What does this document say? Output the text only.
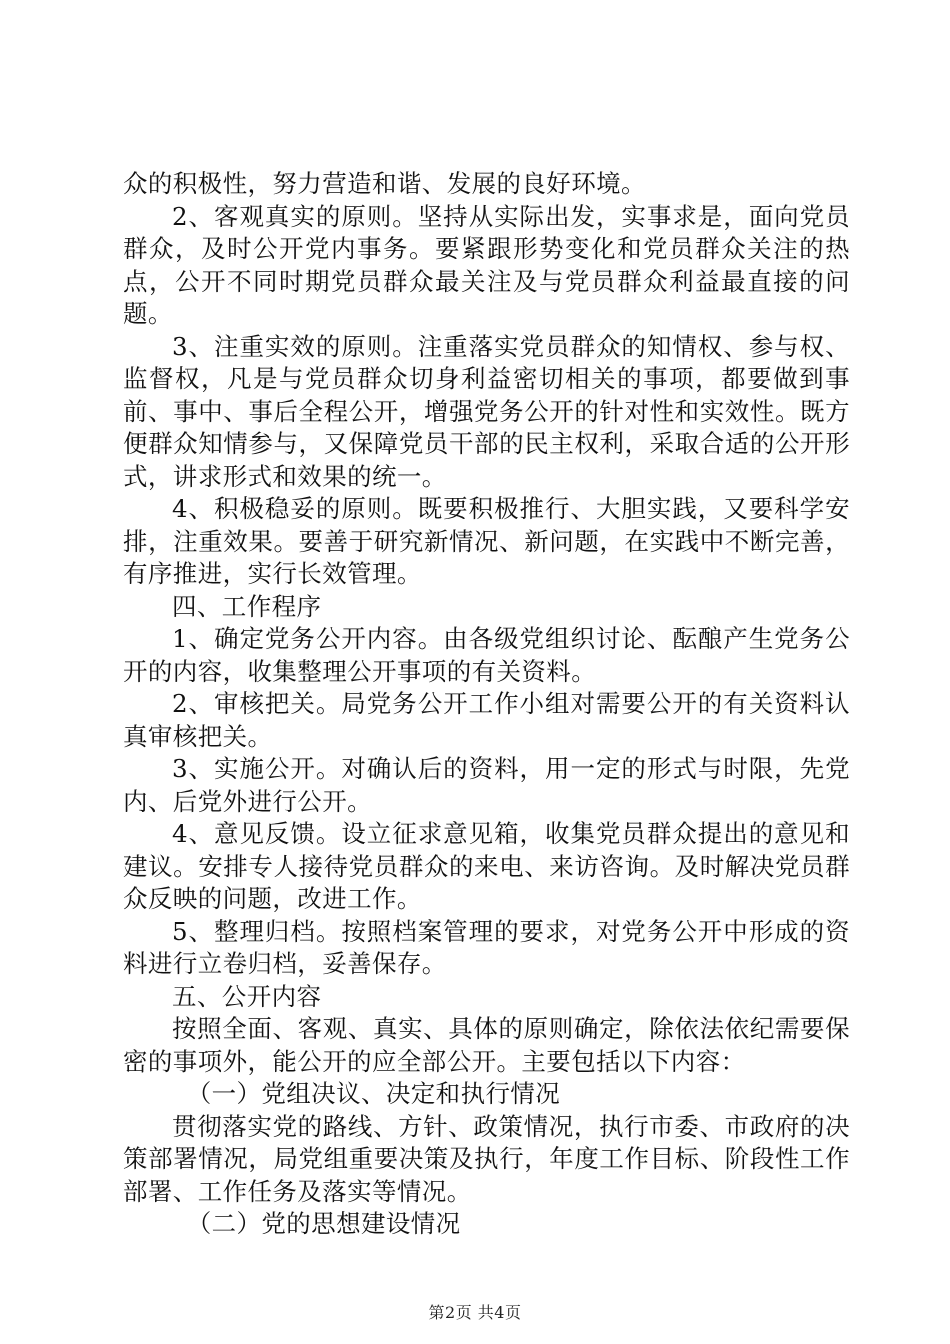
众的积极性，努力营造和谐、发展的良好环境。

2、客观真实的原则。坚持从实际出发，实事求是，面向党员群众，及时公开党内事务。要紧跟形势变化和党员群众关注的热点，公开不同时期党员群众最关注及与党员群众利益最直接的问题。

3、注重实效的原则。注重落实党员群众的知情权、参与权、监督权，凡是与党员群众切身利益密切相关的事项，都要做到事前、事中、事后全程公开，增强党务公开的针对性和实效性。既方便群众知情参与，又保障党员干部的民主权利，采取合适的公开形式，讲求形式和效果的统一。

4、积极稳妥的原则。既要积极推行、大胆实践，又要科学安排，注重效果。要善于研究新情况、新问题，在实践中不断完善，有序推进，实行长效管理。

四、工作程序

1、确定党务公开内容。由各级党组织讨论、酝酿产生党务公开的内容，收集整理公开事项的有关资料。

2、审核把关。局党务公开工作小组对需要公开的有关资料认真审核把关。

3、实施公开。对确认后的资料，用一定的形式与时限，先党内、后党外进行公开。

4、意见反馈。设立征求意见箱，收集党员群众提出的意见和建议。安排专人接待党员群众的来电、来访咨询。及时解决党员群众反映的问题，改进工作。

5、整理归档。按照档案管理的要求，对党务公开中形成的资料进行立卷归档，妥善保存。

五、公开内容

按照全面、客观、真实、具体的原则确定，除依法依纪需要保密的事项外，能公开的应全部公开。主要包括以下内容：

（一）党组决议、决定和执行情况

贯彻落实党的路线、方针、政策情况，执行市委、市政府的决策部署情况，局党组重要决策及执行，年度工作目标、阶段性工作部署、工作任务及落实等情况。

（二）党的思想建设情况

第2页 共4页
